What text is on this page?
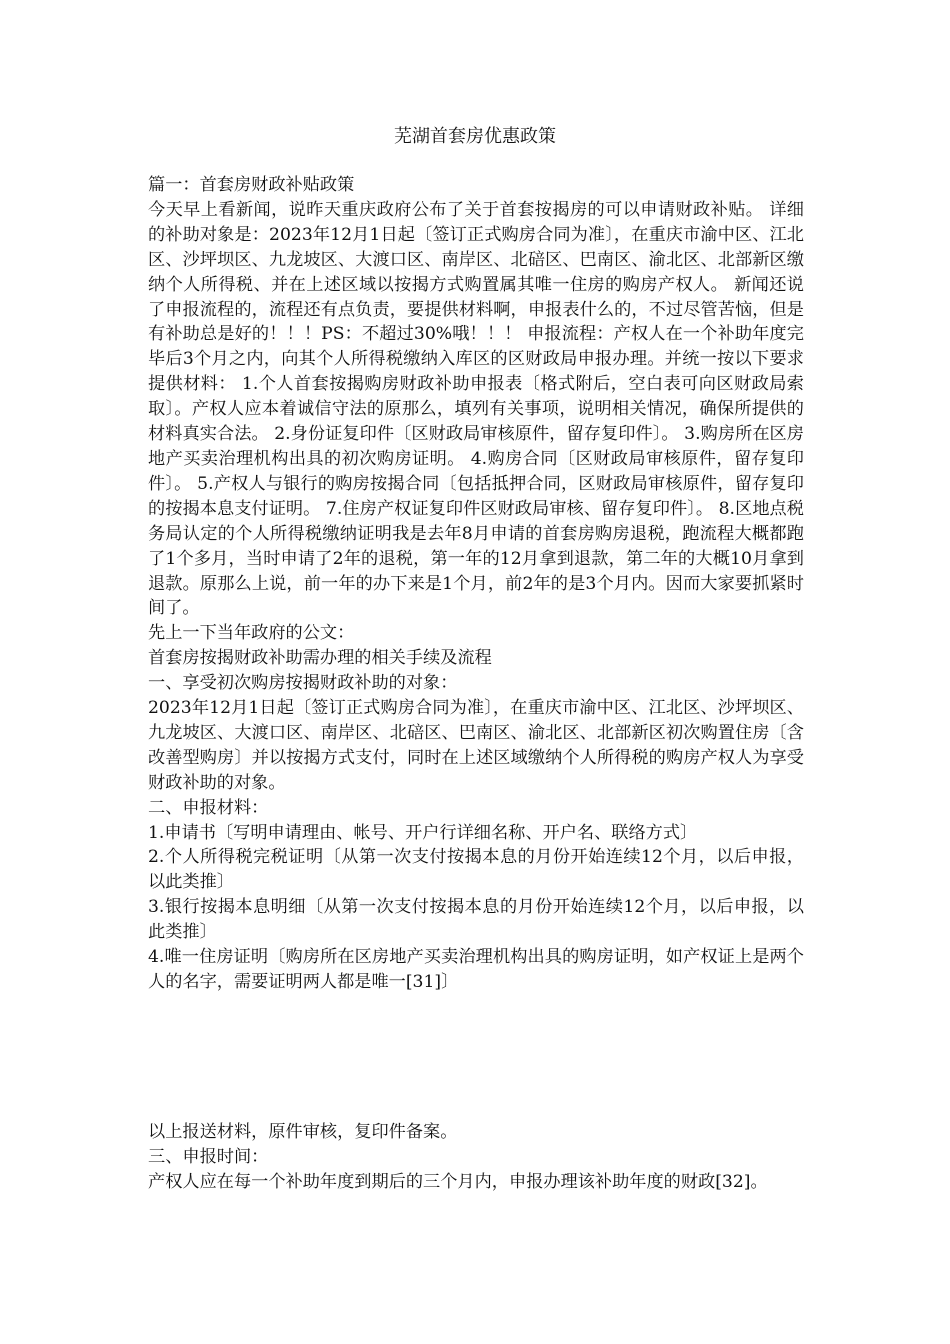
芜湖首套房优惠政策

篇一：首套房财政补贴政策

今天早上看新闻，说昨天重庆政府公布了关于首套按揭房的可以申请财政补贴。 详细的补助对象是：2023年12月1日起〔签订正式购房合同为准〕，在重庆市渝中区、江北区、沙坪坝区、九龙坡区、大渡口区、南岸区、北碚区、巴南区、渝北区、北部新区缴纳个人所得税、并在上述区域以按揭方式购置属其唯一住房的购房产权人。 新闻还说了申报流程的，流程还有点负责，要提供材料啊，申报表什么的，不过尽管苦恼，但是有补助总是好的！！！PS：不超过30%哦！！！ 申报流程：产权人在一个补助年度完毕后3个月之内，向其个人所得税缴纳入库区的区财政局申报办理。并统一按以下要求提供材料： 1.个人首套按揭购房财政补助申报表〔格式附后，空白表可向区财政局索取〕。产权人应本着诚信守法的原那么，填列有关事项，说明相关情况，确保所提供的材料真实合法。 2.身份证复印件〔区财政局审核原件，留存复印件〕。 3.购房所在区房地产买卖治理机构出具的初次购房证明。 4.购房合同〔区财政局审核原件，留存复印件〕。 5.产权人与银行的购房按揭合同〔包括抵押合同，区财政局审核原件，留存复印的按揭本息支付证明。 7.住房产权证复印件区财政局审核、留存复印件〕。 8.区地点税务局认定的个人所得税缴纳证明我是去年8月申请的首套房购房退税，跑流程大概都跑了1个多月，当时申请了2年的退税，第一年的12月拿到退款，第二年的大概10月拿到退款。原那么上说，前一年的办下来是1个月，前2年的是3个月内。因而大家要抓紧时间了。

先上一下当年政府的公文：

首套房按揭财政补助需办理的相关手续及流程

一、享受初次购房按揭财政补助的对象：

2023年12月1日起〔签订正式购房合同为准〕，在重庆市渝中区、江北区、沙坪坝区、九龙坡区、大渡口区、南岸区、北碚区、巴南区、渝北区、北部新区初次购置住房〔含改善型购房〕并以按揭方式支付，同时在上述区域缴纳个人所得税的购房产权人为享受财政补助的对象。

二、申报材料：

1.申请书〔写明申请理由、帐号、开户行详细名称、开户名、联络方式〕

2.个人所得税完税证明〔从第一次支付按揭本息的月份开始连续12个月，以后申报，以此类推〕

3.银行按揭本息明细〔从第一次支付按揭本息的月份开始连续12个月，以后申报，以此类推〕

4.唯一住房证明〔购房所在区房地产买卖治理机构出具的购房证明，如产权证上是两个人的名字，需要证明两人都是唯一[31]〕

以上报送材料，原件审核，复印件备案。

三、申报时间：

产权人应在每一个补助年度到期后的三个月内，申报办理该补助年度的财政[32]。
